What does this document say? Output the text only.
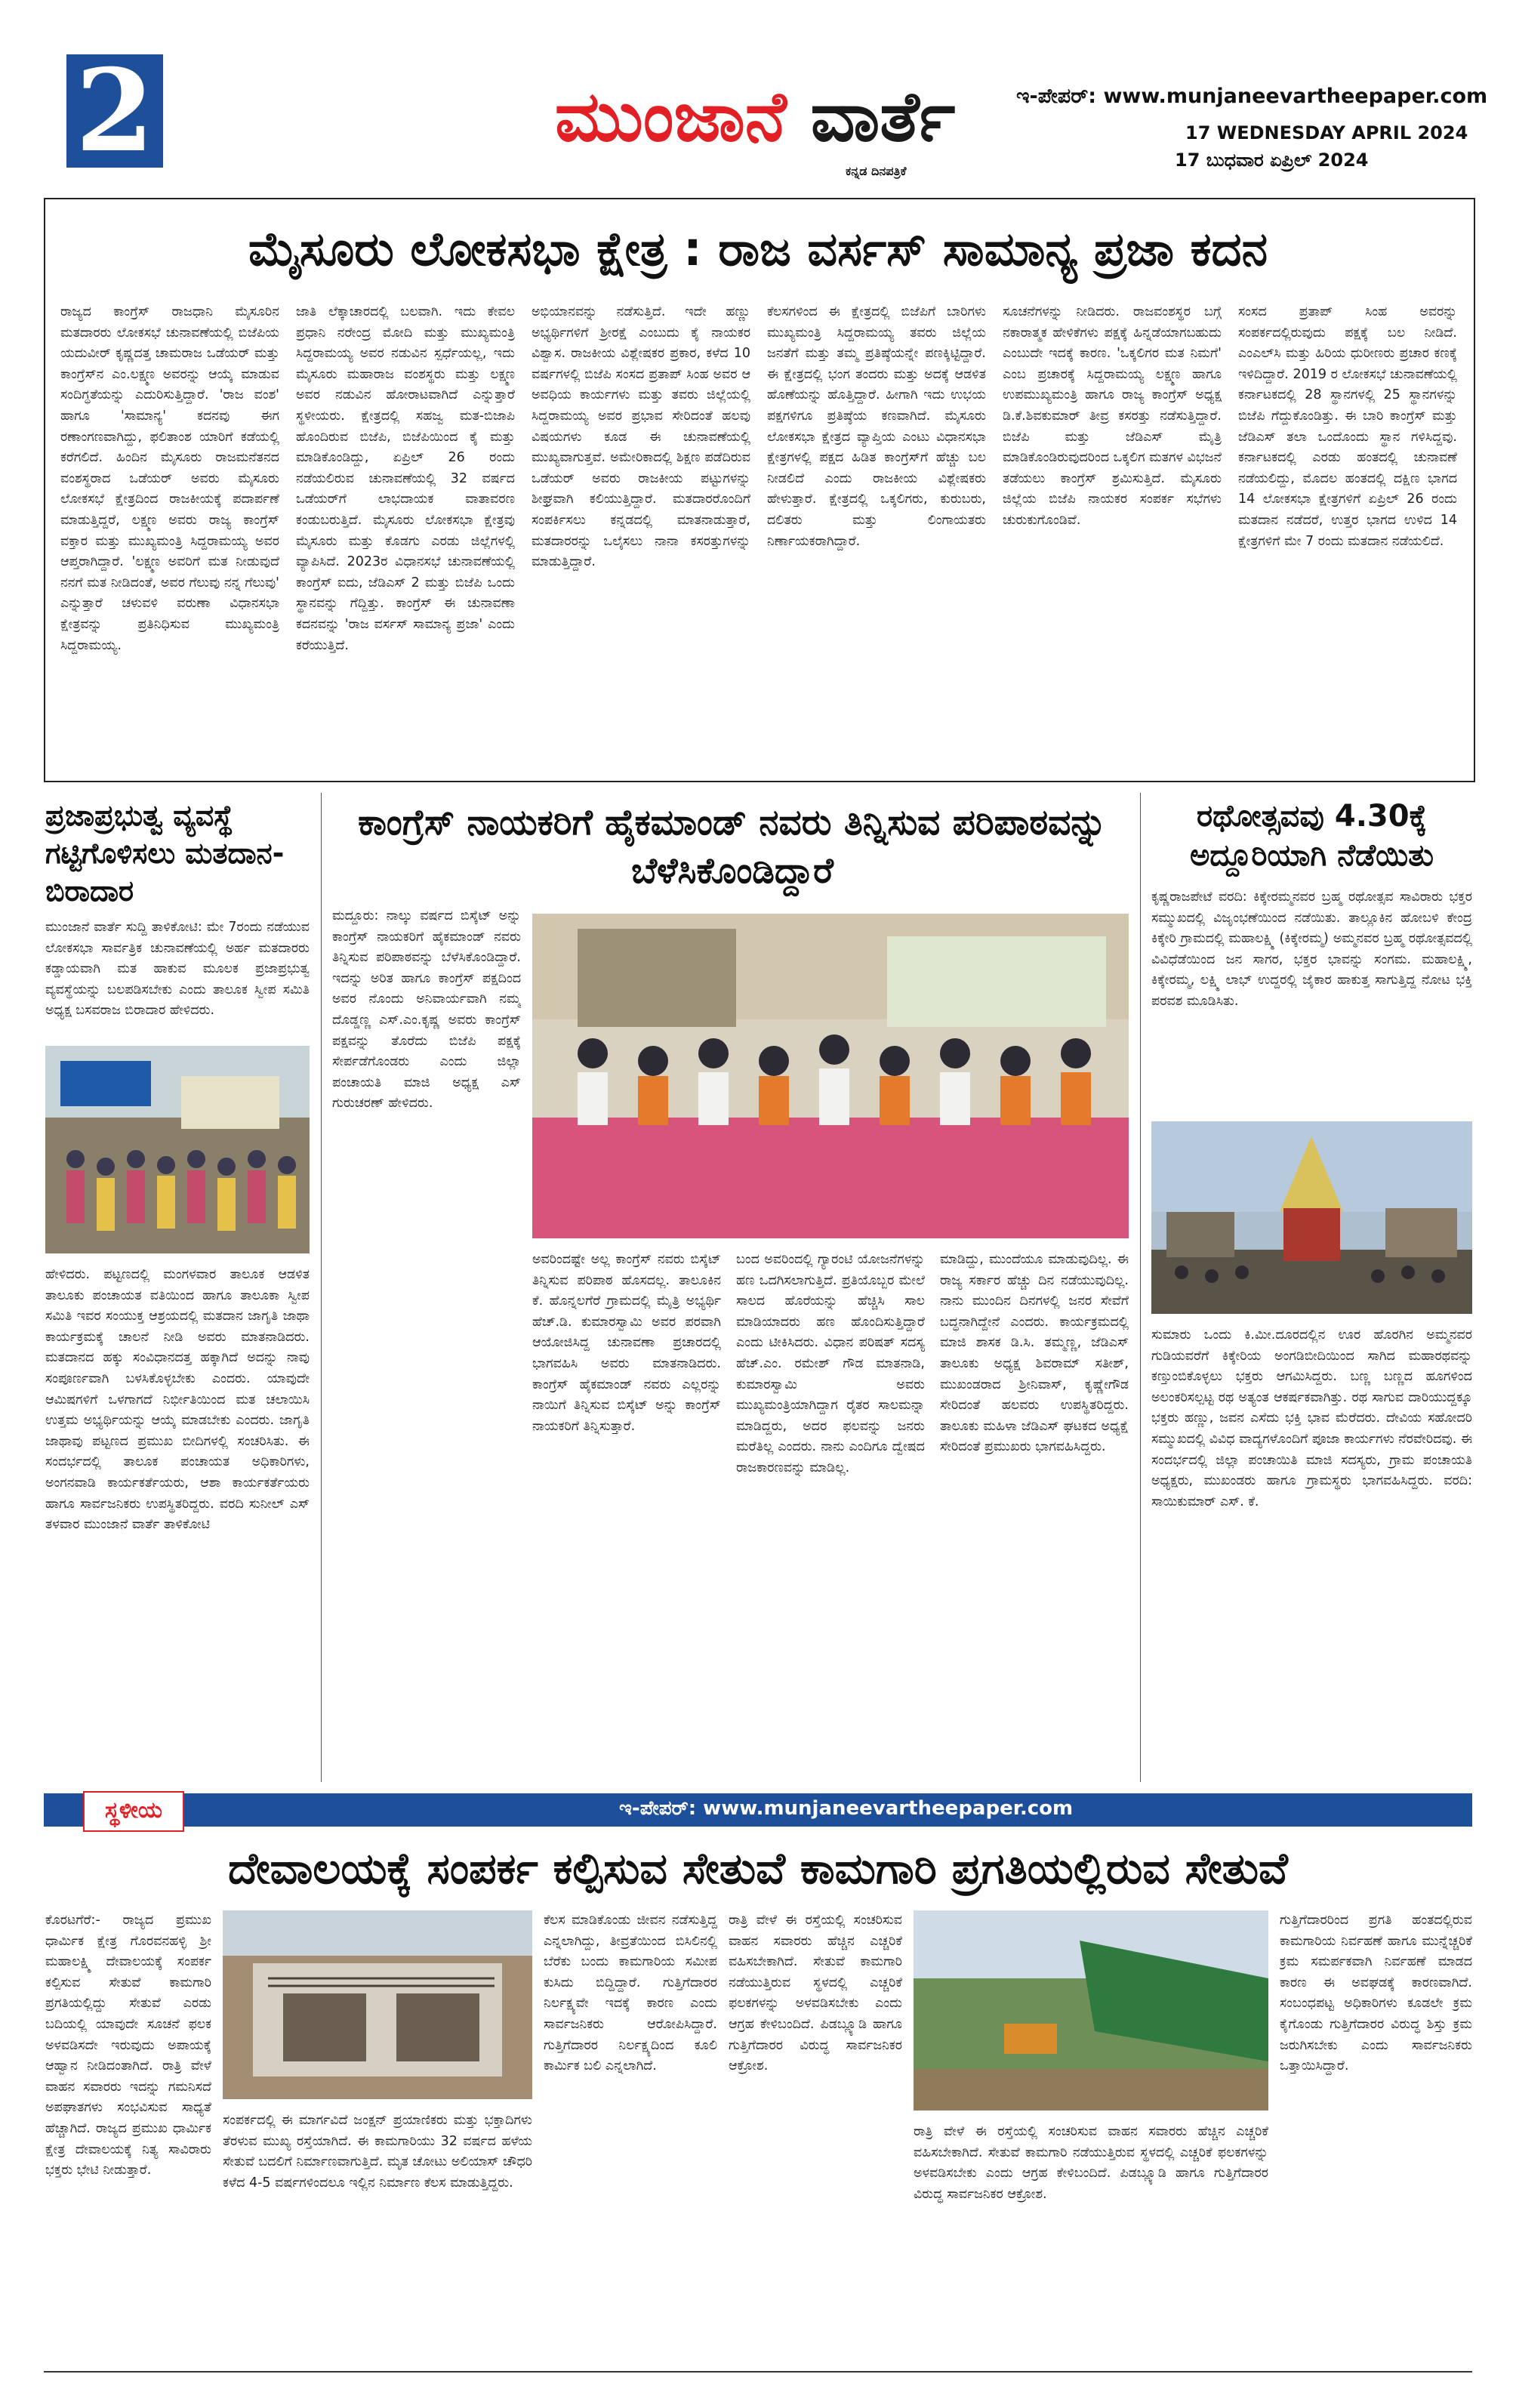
2	ಮುಂಜಾನೆ ವಾರ್ತೆ
ಕನ್ನಡ ದಿನಪತ್ರಿಕೆ
ಇ-ಪೇಪರ್: www.munjaneevartheepaper.com
17 WEDNESDAY APRIL 2024
17 ಬುಧವಾರ ಏಪ್ರಿಲ್ 2024
ಮೈಸೂರು ಲೋಕಸಭಾ ಕ್ಷೇತ್ರ : ರಾಜ ವರ್ಸಸ್ ಸಾಮಾನ್ಯ ಪ್ರಜಾ ಕದನ
ರಾಜ್ಯದ ಕಾಂಗ್ರೆಸ್ ರಾಜಧಾನಿ ಮೈಸೂರಿನ ಮತದಾರರು ಲೋಕಸಭೆ ಚುನಾವಣೆಯಲ್ಲಿ ಬಿಜೆಪಿಯ ಯದುವೀರ್ ಕೃಷ್ಣದತ್ತ ಚಾಮರಾಜ ಒಡೆಯರ್ ಮತ್ತು ಕಾಂಗ್ರೆಸ್‌ನ ಎಂ.ಲಕ್ಷ್ಮಣ ಅವರನ್ನು ಆಯ್ಕೆ ಮಾಡುವ ಸಂದಿಗ್ಧತೆಯನ್ನು ಎದುರಿಸುತ್ತಿದ್ದಾರೆ. 'ರಾಜ ವಂಶ' ಹಾಗೂ 'ಸಾಮಾನ್ಯ' ಕದನವು ಈಗ ರಣಾಂಗಣವಾಗಿದ್ದು, ಫಲಿತಾಂಶ ಯಾರಿಗೆ ಕಡೆಯಲ್ಲಿ ಕರೆಗಲಿದೆ. ಹಿಂದಿನ ಮೈಸೂರು ರಾಜಮನೆತನದ ವಂಶಸ್ಥರಾದ ಒಡೆಯರ್ ಅವರು ಮೈಸೂರು ಲೋಕಸಭೆ ಕ್ಷೇತ್ರದಿಂದ ರಾಜಕೀಯಕ್ಕೆ ಪದಾರ್ಪಣೆ ಮಾಡುತ್ತಿದ್ದರೆ, ಲಕ್ಷ್ಮಣ ಅವರು ರಾಜ್ಯ ಕಾಂಗ್ರೆಸ್ ವಕ್ತಾರ ಮತ್ತು ಮುಖ್ಯಮಂತ್ರಿ ಸಿದ್ದರಾಮಯ್ಯ ಅವರ ಆಪ್ತರಾಗಿದ್ದಾರೆ. 'ಲಕ್ಷ್ಮಣ ಅವರಿಗೆ ಮತ ನೀಡುವುದೆ ನನಗೆ ಮತ ನೀಡಿದಂತೆ, ಅವರ ಗೆಲುವು ನನ್ನ ಗೆಲುವು' ಎನ್ನುತ್ತಾರೆ ಚಳುವಳಿ ವರುಣಾ ವಿಧಾನಸಭಾ ಕ್ಷೇತ್ರವನ್ನು ಪ್ರತಿನಿಧಿಸುವ ಮುಖ್ಯಮಂತ್ರಿ ಸಿದ್ದರಾಮಯ್ಯ.
ಜಾತಿ ಲೆಕ್ಕಾಚಾರದಲ್ಲಿ ಬಲವಾಗಿ. ಇದು ಕೇವಲ ಪ್ರಧಾನಿ ನರೇಂದ್ರ ಮೋದಿ ಮತ್ತು ಮುಖ್ಯಮಂತ್ರಿ ಸಿದ್ದರಾಮಯ್ಯ ಅವರ ನಡುವಿನ ಸ್ಪರ್ಧೆಯಲ್ಲ, ಇದು ಮೈಸೂರು ಮಹಾರಾಜ ವಂಶಸ್ಥರು ಮತ್ತು ಲಕ್ಷ್ಮಣ ಅವರ ನಡುವಿನ ಹೋರಾಟವಾಗಿದೆ ಎನ್ನುತ್ತಾರೆ ಸ್ಥಳೀಯರು. ಕ್ಷೇತ್ರದಲ್ಲಿ ಸಹಜ್ವ ಮತ-ಬಿಜಾಪಿ ಹೊಂದಿರುವ ಬಿಜೆಪಿ, ಬಿಜೆಪಿಯಿಂದ ಕೈ ಮತ್ತು ಮಾಡಿಕೊಂಡಿದ್ದು, ಏಪ್ರಿಲ್ 26 ರಂದು ನಡೆಯಲಿರುವ ಚುನಾವಣೆಯಲ್ಲಿ 32 ವರ್ಷದ ಒಡೆಯರ್‌ಗೆ ಲಾಭದಾಯಕ ವಾತಾವರಣ ಕಂಡುಬರುತ್ತಿದೆ. ಮೈಸೂರು ಲೋಕಸಭಾ ಕ್ಷೇತ್ರವು ಮೈಸೂರು ಮತ್ತು ಕೊಡಗು ಎರಡು ಜಿಲ್ಲೆಗಳಲ್ಲಿ ವ್ಯಾಪಿಸಿದೆ. 2023ರ ವಿಧಾನಸಭೆ ಚುನಾವಣೆಯಲ್ಲಿ ಕಾಂಗ್ರೆಸ್ ಐದು, ಜೆಡಿಎಸ್ 2 ಮತ್ತು ಬಿಜೆಪಿ ಒಂದು ಸ್ಥಾನವನ್ನು ಗೆದ್ದಿತ್ತು. ಕಾಂಗ್ರೆಸ್ ಈ ಚುನಾವಣಾ ಕದನವನ್ನು 'ರಾಜ ವರ್ಸಸ್ ಸಾಮಾನ್ಯ ಪ್ರಜಾ' ಎಂದು ಕರೆಯುತ್ತಿದೆ.
ಅಭಿಯಾನವನ್ನು ನಡೆಸುತ್ತಿದೆ. ಇದೇ ಹಣ್ಣು ಅಭ್ಯರ್ಥಿಗಳಿಗೆ ಶ್ರೀರಕ್ಷೆ ಎಂಬುದು ಕೈ ನಾಯಕರ ವಿಶ್ವಾಸ. ರಾಜಕೀಯ ವಿಶ್ಲೇಷಕರ ಪ್ರಕಾರ, ಕಳೆದ 10 ವರ್ಷಗಳಲ್ಲಿ ಬಿಜೆಪಿ ಸಂಸದ ಪ್ರತಾಪ್ ಸಿಂಹ ಅವರ ಆ ಅವಧಿಯ ಕಾರ್ಯಗಳು ಮತ್ತು ತವರು ಜಿಲ್ಲೆಯಲ್ಲಿ ಸಿದ್ದರಾಮಯ್ಯ ಅವರ ಪ್ರಭಾವ ಸೇರಿದಂತೆ ಹಲವು ವಿಷಯಗಳು ಕೂಡ ಈ ಚುನಾವಣೆಯಲ್ಲಿ ಮುಖ್ಯವಾಗುತ್ತವೆ. ಅಮೇರಿಕಾದಲ್ಲಿ ಶಿಕ್ಷಣ ಪಡೆದಿರುವ ಒಡೆಯರ್ ಅವರು ರಾಜಕೀಯ ಪಟ್ಟುಗಳನ್ನು ಶೀಘ್ರವಾಗಿ ಕಲಿಯುತ್ತಿದ್ದಾರೆ. ಮತದಾರರೊಂದಿಗೆ ಸಂಪರ್ಕಿಸಲು ಕನ್ನಡದಲ್ಲಿ ಮಾತನಾಡುತ್ತಾರೆ, ಮತದಾರರನ್ನು ಒಲೈಸಲು ನಾನಾ ಕಸರತ್ತುಗಳನ್ನು ಮಾಡುತ್ತಿದ್ದಾರೆ.
ಕೆಲಸಗಳಿಂದ ಈ ಕ್ಷೇತ್ರದಲ್ಲಿ ಬಿಜೆಪಿಗೆ ಬಾರಿಗಳು ಮುಖ್ಯಮಂತ್ರಿ ಸಿದ್ದರಾಮಯ್ಯ ತವರು ಜಿಲ್ಲೆಯ ಜನತೆಗೆ ಮತ್ತು ತಮ್ಮ ಪ್ರತಿಷ್ಠೆಯನ್ನೇ ಪಣಕ್ಕಿಟ್ಟಿದ್ದಾರೆ. ಈ ಕ್ಷೇತ್ರದಲ್ಲಿ ಭಂಗ ತಂದರು ಮತ್ತು ಅದಕ್ಕೆ ಆಡಳಿತ ಹೊಣೆಯನ್ನು ಹೊತ್ತಿದ್ದಾರೆ. ಹೀಗಾಗಿ ಇದು ಉಭಯ ಪಕ್ಷಗಳಿಗೂ ಪ್ರತಿಷ್ಠೆಯ ಕಣವಾಗಿದೆ. ಮೈಸೂರು ಲೋಕಸಭಾ ಕ್ಷೇತ್ರದ ವ್ಯಾಪ್ತಿಯ ಎಂಟು ವಿಧಾನಸಭಾ ಕ್ಷೇತ್ರಗಳಲ್ಲಿ ಪಕ್ಷದ ಹಿಡಿತ ಕಾಂಗ್ರೆಸ್‌ಗೆ ಹೆಚ್ಚು ಬಲ ನೀಡಲಿದೆ ಎಂದು ರಾಜಕೀಯ ವಿಶ್ಲೇಷಕರು ಹೇಳುತ್ತಾರೆ. ಕ್ಷೇತ್ರದಲ್ಲಿ ಒಕ್ಕಲಿಗರು, ಕುರುಬರು, ದಲಿತರು ಮತ್ತು ಲಿಂಗಾಯತರು ನಿರ್ಣಾಯಕರಾಗಿದ್ದಾರೆ.
ಸೂಚನೆಗಳನ್ನು ನೀಡಿದರು. ರಾಜವಂಶಸ್ಥರ ಬಗ್ಗೆ ನಕಾರಾತ್ಮಕ ಹೇಳಿಕೆಗಳು ಪಕ್ಷಕ್ಕೆ ಹಿನ್ನಡೆಯಾಗಬಹುದು ಎಂಬುದೇ ಇದಕ್ಕೆ ಕಾರಣ. 'ಒಕ್ಕಲಿಗರ ಮತ ನಿಮಗೆ' ಎಂಬ ಪ್ರಚಾರಕ್ಕೆ ಸಿದ್ದರಾಮಯ್ಯ ಲಕ್ಷ್ಮಣ ಹಾಗೂ ಉಪಮುಖ್ಯಮಂತ್ರಿ ಹಾಗೂ ರಾಜ್ಯ ಕಾಂಗ್ರೆಸ್ ಅಧ್ಯಕ್ಷ ಡಿ.ಕೆ.ಶಿವಕುಮಾರ್ ತೀವ್ರ ಕಸರತ್ತು ನಡೆಸುತ್ತಿದ್ದಾರೆ. ಬಿಜೆಪಿ ಮತ್ತು ಜೆಡಿಎಸ್ ಮೈತ್ರಿ ಮಾಡಿಕೊಂಡಿರುವುದರಿಂದ ಒಕ್ಕಲಿಗ ಮತಗಳ ವಿಭಜನೆ ತಡೆಯಲು ಕಾಂಗ್ರೆಸ್ ಶ್ರಮಿಸುತ್ತಿದೆ. ಮೈಸೂರು ಜಿಲ್ಲೆಯ ಬಿಜೆಪಿ ನಾಯಕರ ಸಂಪರ್ಕ ಸಭೆಗಳು ಚುರುಕುಗೊಂಡಿವೆ.
ಸಂಸದ ಪ್ರತಾಪ್ ಸಿಂಹ ಅವರನ್ನು ಸಂಪರ್ಕದಲ್ಲಿರುವುದು ಪಕ್ಷಕ್ಕೆ ಬಲ ನೀಡಿದೆ. ಎಂಎಲ್‌ಸಿ ಮತ್ತು ಹಿರಿಯ ಧುರೀಣರು ಪ್ರಚಾರ ಕಣಕ್ಕೆ ಇಳಿದಿದ್ದಾರೆ. 2019 ರ ಲೋಕಸಭೆ ಚುನಾವಣೆಯಲ್ಲಿ ಕರ್ನಾಟಕದಲ್ಲಿ 28 ಸ್ಥಾನಗಳಲ್ಲಿ 25 ಸ್ಥಾನಗಳನ್ನು ಬಿಜೆಪಿ ಗೆದ್ದುಕೊಂಡಿತ್ತು. ಈ ಬಾರಿ ಕಾಂಗ್ರೆಸ್ ಮತ್ತು ಜೆಡಿಎಸ್ ತಲಾ ಒಂದೊಂದು ಸ್ಥಾನ ಗಳಿಸಿದ್ದವು. ಕರ್ನಾಟಕದಲ್ಲಿ ಎರಡು ಹಂತದಲ್ಲಿ ಚುನಾವಣೆ ನಡೆಯಲಿದ್ದು, ಮೊದಲ ಹಂತದಲ್ಲಿ ದಕ್ಷಿಣ ಭಾಗದ 14 ಲೋಕಸಭಾ ಕ್ಷೇತ್ರಗಳಿಗೆ ಏಪ್ರಿಲ್ 26 ರಂದು ಮತದಾನ ನಡೆದರೆ, ಉತ್ತರ ಭಾಗದ ಉಳಿದ 14 ಕ್ಷೇತ್ರಗಳಿಗೆ ಮೇ 7 ರಂದು ಮತದಾನ ನಡೆಯಲಿದೆ.
ಪ್ರಜಾಪ್ರಭುತ್ವ ವ್ಯವಸ್ಥೆ ಗಟ್ಟಿಗೊಳಿಸಲು ಮತದಾನ-ಬಿರಾದಾರ
ಮುಂಜಾನೆ ವಾರ್ತೆ ಸುದ್ದಿ ತಾಳಿಕೋಟಿ: ಮೇ 7ರಂದು ನಡೆಯುವ ಲೋಕಸಭಾ ಸಾರ್ವತ್ರಿಕ ಚುನಾವಣೆಯಲ್ಲಿ ಅರ್ಹ ಮತದಾರರು ಕಡ್ಡಾಯವಾಗಿ ಮತ ಹಾಕುವ ಮೂಲಕ ಪ್ರಜಾಪ್ರಭುತ್ವ ವ್ಯವಸ್ಥೆಯನ್ನು ಬಲಪಡಿಸಬೇಕು ಎಂದು ತಾಲೂಕ ಸ್ವೀಪ ಸಮಿತಿ ಅಧ್ಯಕ್ಷ ಬಸವರಾಜ ಬಿರಾದಾರ ಹೇಳಿದರು.
ಹೇಳಿದರು. ಪಟ್ಟಣದಲ್ಲಿ ಮಂಗಳವಾರ ತಾಲೂಕ ಆಡಳಿತ ತಾಲೂಕು ಪಂಚಾಯತ ವತಿಯಿಂದ ಹಾಗೂ ತಾಲೂಕಾ ಸ್ವೀಪ ಸಮಿತಿ ಇವರ ಸಂಯುಕ್ತ ಆಶ್ರಯದಲ್ಲಿ ಮತದಾನ ಜಾಗೃತಿ ಜಾಥಾ ಕಾರ್ಯಕ್ರಮಕ್ಕೆ ಚಾಲನೆ ನೀಡಿ ಅವರು ಮಾತನಾಡಿದರು. ಮತದಾನದ ಹಕ್ಕು ಸಂವಿಧಾನದತ್ತ ಹಕ್ಕಾಗಿದೆ ಅದನ್ನು ನಾವು ಸಂಪೂರ್ಣವಾಗಿ ಬಳಸಿಕೊಳ್ಳಬೇಕು ಎಂದರು. ಯಾವುದೇ ಆಮಿಷಗಳಿಗೆ ಒಳಗಾಗದೆ ನಿರ್ಭೀತಿಯಿಂದ ಮತ ಚಲಾಯಿಸಿ ಉತ್ತಮ ಅಭ್ಯರ್ಥಿಯನ್ನು ಆಯ್ಕೆ ಮಾಡಬೇಕು ಎಂದರು. ಜಾಗೃತಿ ಜಾಥಾವು ಪಟ್ಟಣದ ಪ್ರಮುಖ ಬೀದಿಗಳಲ್ಲಿ ಸಂಚರಿಸಿತು. ಈ ಸಂದರ್ಭದಲ್ಲಿ ತಾಲೂಕ ಪಂಚಾಯತ ಅಧಿಕಾರಿಗಳು, ಅಂಗನವಾಡಿ ಕಾರ್ಯಕರ್ತೆಯರು, ಆಶಾ ಕಾರ್ಯಕರ್ತೆಯರು ಹಾಗೂ ಸಾರ್ವಜನಿಕರು ಉಪಸ್ಥಿತರಿದ್ದರು. ವರದಿ ಸುನೀಲ್ ಎಸ್ ತಳವಾರ ಮುಂಜಾನೆ ವಾರ್ತೆ ತಾಳಿಕೋಟಿ
ಕಾಂಗ್ರೆಸ್ ನಾಯಕರಿಗೆ ಹೈಕಮಾಂಡ್ ನವರು ತಿನ್ನಿಸುವ ಪರಿಪಾಠವನ್ನು ಬೆಳೆಸಿಕೊಂಡಿದ್ದಾರೆ
ಮದ್ದೂರು: ನಾಲ್ಕು ವರ್ಷದ ಬಿಸ್ಕೆಟ್ ಅನ್ನು ಕಾಂಗ್ರೆಸ್ ನಾಯಕರಿಗೆ ಹೈಕಮಾಂಡ್ ನವರು ತಿನ್ನಿಸುವ ಪರಿಪಾಠವನ್ನು ಬೆಳೆಸಿಕೊಂಡಿದ್ದಾರೆ. ಇದನ್ನು ಅರಿತ ಹಾಗೂ ಕಾಂಗ್ರೆಸ್ ಪಕ್ಷದಿಂದ ಅವರ ನೊಂದು ಅನಿವಾರ್ಯವಾಗಿ ನಮ್ಮ ದೊಡ್ಡಣ್ಣ ಎಸ್.ಎಂ.ಕೃಷ್ಣ ಅವರು ಕಾಂಗ್ರೆಸ್ ಪಕ್ಷವನ್ನು ತೊರೆದು ಬಿಜೆಪಿ ಪಕ್ಷಕ್ಕೆ ಸೇರ್ಪಡೆಗೊಂಡರು ಎಂದು ಜಿಲ್ಲಾ ಪಂಚಾಯತಿ ಮಾಜಿ ಅಧ್ಯಕ್ಷ ಎಸ್ ಗುರುಚರಣ್ ಹೇಳಿದರು.
ಅವರಿಂದಷ್ಟೇ ಅಲ್ಲ ಕಾಂಗ್ರೆಸ್ ನವರು ಬಿಸ್ಕೆಟ್ ತಿನ್ನಿಸುವ ಪರಿಪಾಠ ಹೊಸದಲ್ಲ. ತಾಲೂಕಿನ ಕೆ. ಹೊನ್ನಲಗೆರೆ ಗ್ರಾಮದಲ್ಲಿ ಮೈತ್ರಿ ಅಭ್ಯರ್ಥಿ ಹೆಚ್.ಡಿ. ಕುಮಾರಸ್ವಾಮಿ ಅವರ ಪರವಾಗಿ ಆಯೋಜಿಸಿದ್ದ ಚುನಾವಣಾ ಪ್ರಚಾರದಲ್ಲಿ ಭಾಗವಹಿಸಿ ಅವರು ಮಾತನಾಡಿದರು. ಕಾಂಗ್ರೆಸ್ ಹೈಕಮಾಂಡ್ ನವರು ಎಲ್ಲರನ್ನು ನಾಯಿಗೆ ತಿನ್ನಿಸುವ ಬಿಸ್ಕೆಟ್ ಅನ್ನು ಕಾಂಗ್ರೆಸ್ ನಾಯಕರಿಗೆ ತಿನ್ನಿಸುತ್ತಾರೆ.
ಬಂದ ಅವರಿಂದಲ್ಲಿ ಗ್ಯಾರಂಟಿ ಯೋಜನೆಗಳನ್ನು ಹಣ ಒದಗಿಸಲಾಗುತ್ತಿದೆ. ಪ್ರತಿಯೊಬ್ಬರ ಮೇಲೆ ಸಾಲದ ಹೊರೆಯನ್ನು ಹೆಚ್ಚಿಸಿ ಸಾಲ ಮಾಡಿಯಾದರು ಹಣ ಹೊಂದಿಸುತ್ತಿದ್ದಾರೆ ಎಂದು ಟೀಕಿಸಿದರು. ವಿಧಾನ ಪರಿಷತ್ ಸದಸ್ಯ ಹೆಚ್.ಎಂ. ರಮೇಶ್ ಗೌಡ ಮಾತನಾಡಿ, ಕುಮಾರಸ್ವಾಮಿ ಅವರು ಮುಖ್ಯಮಂತ್ರಿಯಾಗಿದ್ದಾಗ ರೈತರ ಸಾಲಮನ್ನಾ ಮಾಡಿದ್ದರು, ಅದರ ಫಲವನ್ನು ಜನರು ಮರೆತಿಲ್ಲ ಎಂದರು. ನಾನು ಎಂದಿಗೂ ದ್ವೇಷದ ರಾಜಕಾರಣವನ್ನು ಮಾಡಿಲ್ಲ.
ಮಾಡಿದ್ದು, ಮುಂದೆಯೂ ಮಾಡುವುದಿಲ್ಲ. ಈ ರಾಜ್ಯ ಸರ್ಕಾರ ಹೆಚ್ಚು ದಿನ ನಡೆಯುವುದಿಲ್ಲ. ನಾನು ಮುಂದಿನ ದಿನಗಳಲ್ಲಿ ಜನರ ಸೇವೆಗೆ ಬದ್ಧನಾಗಿದ್ದೇನೆ ಎಂದರು. ಕಾರ್ಯಕ್ರಮದಲ್ಲಿ ಮಾಜಿ ಶಾಸಕ ಡಿ.ಸಿ. ತಮ್ಮಣ್ಣ, ಜೆಡಿಎಸ್ ತಾಲೂಕು ಅಧ್ಯಕ್ಷ ಶಿವರಾಮ್ ಸತೀಶ್, ಮುಖಂಡರಾದ ಶ್ರೀನಿವಾಸ್, ಕೃಷ್ಣೇಗೌಡ ಸೇರಿದಂತೆ ಹಲವರು ಉಪಸ್ಥಿತರಿದ್ದರು. ತಾಲೂಕು ಮಹಿಳಾ ಜೆಡಿಎಸ್ ಘಟಕದ ಅಧ್ಯಕ್ಷೆ ಸೇರಿದಂತೆ ಪ್ರಮುಖರು ಭಾಗವಹಿಸಿದ್ದರು.
ರಥೋತ್ಸವವು 4.30ಕ್ಕೆ ಅದ್ದೂರಿಯಾಗಿ ನೆಡೆಯಿತು
ಕೃಷ್ಣರಾಜಪೇಟೆ ವರದಿ: ಕಿಕ್ಕೇರಮ್ಮನವರ ಬ್ರಹ್ಮ ರಥೋತ್ಸವ ಸಾವಿರಾರು ಭಕ್ತರ ಸಮ್ಮುಖದಲ್ಲಿ ವಿಜೃಂಭಣೆಯಿಂದ ನಡೆಯಿತು. ತಾಲ್ಲೂಕಿನ ಹೋಬಳಿ ಕೇಂದ್ರ ಕಿಕ್ಕೇರಿ ಗ್ರಾಮದಲ್ಲಿ ಮಹಾಲಕ್ಷ್ಮಿ (ಕಿಕ್ಕೇರಮ್ಮ) ಅಮ್ಮನವರ ಬ್ರಹ್ಮ ರಥೋತ್ಸವದಲ್ಲಿ ವಿವಿಧೆಡೆಯಿಂದ ಜನ ಸಾಗರ, ಭಕ್ತರ ಭಾವನ್ನು ಸಂಗಮ. ಮಹಾಲಕ್ಷ್ಮಿ, ಕಿಕ್ಕೇರಮ್ಮ, ಲಕ್ಷ್ಮಿ ಲಾಭ್ ಉದ್ದರಲ್ಲಿ ಜೈಕಾರ ಹಾಕುತ್ತ ಸಾಗುತ್ತಿದ್ದ ನೋಟ ಭಕ್ತಿ ಪರವಶ ಮೂಡಿಸಿತು.
ಸುಮಾರು ಒಂದು ಕಿ.ಮೀ.ದೂರದಲ್ಲಿನ ಊರ ಹೊರಗಿನ ಅಮ್ಮನವರ ಗುಡಿಯವರೆಗೆ ಕಿಕ್ಕೇರಿಯ ಅಂಗಡಿಬೀದಿಯಿಂದ ಸಾಗಿದ ಮಹಾರಥವನ್ನು ಕಣ್ತುಂಬಿಕೊಳ್ಳಲು ಭಕ್ತರು ಆಗಮಿಸಿದ್ದರು. ಬಣ್ಣ ಬಣ್ಣದ ಹೂಗಳಿಂದ ಅಲಂಕರಿಸಲ್ಪಟ್ಟ ರಥ ಅತ್ಯಂತ ಆಕರ್ಷಕವಾಗಿತ್ತು. ರಥ ಸಾಗುವ ದಾರಿಯುದ್ದಕ್ಕೂ ಭಕ್ತರು ಹಣ್ಣು, ಜವನ ಎಸೆದು ಭಕ್ತಿ ಭಾವ ಮೆರೆದರು. ದೇವಿಯ ಸಹೋದರಿ ಸಮ್ಮುಖದಲ್ಲಿ ವಿವಿಧ ವಾದ್ಯಗಳೊಂದಿಗೆ ಪೂಜಾ ಕಾರ್ಯಗಳು ನೆರವೇರಿದವು. ಈ ಸಂದರ್ಭದಲ್ಲಿ ಜಿಲ್ಲಾ ಪಂಚಾಯಿತಿ ಮಾಜಿ ಸದಸ್ಯರು, ಗ್ರಾಮ ಪಂಚಾಯತಿ ಅಧ್ಯಕ್ಷರು, ಮುಖಂಡರು ಹಾಗೂ ಗ್ರಾಮಸ್ಥರು ಭಾಗವಹಿಸಿದ್ದರು. ವರದಿ: ಸಾಯಿಕುಮಾರ್ ಎಸ್. ಕೆ.
ಸ್ಥಳೀಯ	ಇ-ಪೇಪರ್: www.munjaneevartheepaper.com
ದೇವಾಲಯಕ್ಕೆ ಸಂಪರ್ಕ ಕಲ್ಪಿಸುವ ಸೇತುವೆ ಕಾಮಗಾರಿ ಪ್ರಗತಿಯಲ್ಲಿರುವ ಸೇತುವೆ
ಕೊರಟಗೆರೆ:- ರಾಜ್ಯದ ಪ್ರಮುಖ ಧಾರ್ಮಿಕ ಕ್ಷೇತ್ರ ಗೊರವನಹಳ್ಳಿ ಶ್ರೀ ಮಹಾಲಕ್ಷ್ಮಿ ದೇವಾಲಯಕ್ಕೆ ಸಂಪರ್ಕ ಕಲ್ಪಿಸುವ ಸೇತುವೆ ಕಾಮಗಾರಿ ಪ್ರಗತಿಯಲ್ಲಿದ್ದು ಸೇತುವೆ ಎರಡು ಬದಿಯಲ್ಲಿ ಯಾವುದೇ ಸೂಚನೆ ಫಲಕ ಅಳವಡಿಸದೇ ಇರುವುದು ಅಪಾಯಕ್ಕೆ ಆಹ್ವಾನ ನೀಡಿದಂತಾಗಿದೆ. ರಾತ್ರಿ ವೇಳೆ ವಾಹನ ಸವಾರರು ಇದನ್ನು ಗಮನಿಸದೆ ಅಪಘಾತಗಳು ಸಂಭವಿಸುವ ಸಾಧ್ಯತೆ ಹೆಚ್ಚಾಗಿದೆ. ರಾಜ್ಯದ ಪ್ರಮುಖ ಧಾರ್ಮಿಕ ಕ್ಷೇತ್ರ ದೇವಾಲಯಕ್ಕೆ ನಿತ್ಯ ಸಾವಿರಾರು ಭಕ್ತರು ಭೇಟಿ ನೀಡುತ್ತಾರೆ.
ಸಂಪರ್ಕದಲ್ಲಿ ಈ ಮಾರ್ಗವಿದೆ ಜಂಕ್ಷನ್ ಪ್ರಯಾಣಿಕರು ಮತ್ತು ಭಕ್ತಾದಿಗಳು ತೆರಳುವ ಮುಖ್ಯ ರಸ್ತೆಯಾಗಿದೆ. ಈ ಕಾಮಗಾರಿಯು 32 ವರ್ಷದ ಹಳೆಯ ಸೇತುವೆ ಬದಲಿಗೆ ನಿರ್ಮಾಣವಾಗುತ್ತಿದೆ. ಮೃತ ಚೋಟು ಅಲಿಯಾಸ್ ಚೌಧರಿ ಕಳೆದ 4-5 ವರ್ಷಗಳಿಂದಲೂ ಇಲ್ಲಿನ ನಿರ್ಮಾಣ ಕೆಲಸ ಮಾಡುತ್ತಿದ್ದರು.
ಕೆಲಸ ಮಾಡಿಕೊಂಡು ಜೀವನ ನಡೆಸುತ್ತಿದ್ದ ಎನ್ನಲಾಗಿದ್ದು, ತೀವ್ರತೆಯಿಂದ ಬಿಸಿಲಿನಲ್ಲಿ ಬೆರೆಕು ಬಂದು ಕಾಮಗಾರಿಯ ಸಮೀಪ ಕುಸಿದು ಬಿದ್ದಿದ್ದಾರೆ. ಗುತ್ತಿಗೆದಾರರ ನಿರ್ಲಕ್ಷ್ಯವೇ ಇದಕ್ಕೆ ಕಾರಣ ಎಂದು ಸಾರ್ವಜನಿಕರು ಆರೋಪಿಸಿದ್ದಾರೆ. ಗುತ್ತಿಗೆದಾರರ ನಿರ್ಲಕ್ಷ್ಯದಿಂದ ಕೂಲಿ ಕಾರ್ಮಿಕ ಬಲಿ ಎನ್ನಲಾಗಿದೆ.
ರಾತ್ರಿ ವೇಳೆ ಈ ರಸ್ತೆಯಲ್ಲಿ ಸಂಚರಿಸುವ ವಾಹನ ಸವಾರರು ಹೆಚ್ಚಿನ ಎಚ್ಚರಿಕೆ ವಹಿಸಬೇಕಾಗಿದೆ. ಸೇತುವೆ ಕಾಮಗಾರಿ ನಡೆಯುತ್ತಿರುವ ಸ್ಥಳದಲ್ಲಿ ಎಚ್ಚರಿಕೆ ಫಲಕಗಳನ್ನು ಅಳವಡಿಸಬೇಕು ಎಂದು ಆಗ್ರಹ ಕೇಳಿಬಂದಿದೆ. ಪಿಡಬ್ಲ್ಯೂಡಿ ಹಾಗೂ ಗುತ್ತಿಗೆದಾರರ ವಿರುದ್ಧ ಸಾರ್ವಜನಿಕರ ಆಕ್ರೋಶ.
ರಾತ್ರಿ ವೇಳೆ ಈ ರಸ್ತೆಯಲ್ಲಿ ಸಂಚರಿಸುವ ವಾಹನ ಸವಾರರು ಹೆಚ್ಚಿನ ಎಚ್ಚರಿಕೆ ವಹಿಸಬೇಕಾಗಿದೆ. ಸೇತುವೆ ಕಾಮಗಾರಿ ನಡೆಯುತ್ತಿರುವ ಸ್ಥಳದಲ್ಲಿ ಎಚ್ಚರಿಕೆ ಫಲಕಗಳನ್ನು ಅಳವಡಿಸಬೇಕು ಎಂದು ಆಗ್ರಹ ಕೇಳಿಬಂದಿದೆ. ಪಿಡಬ್ಲ್ಯೂಡಿ ಹಾಗೂ ಗುತ್ತಿಗೆದಾರರ ವಿರುದ್ಧ ಸಾರ್ವಜನಿಕರ ಆಕ್ರೋಶ.
ಗುತ್ತಿಗೆದಾರರಿಂದ ಪ್ರಗತಿ ಹಂತದಲ್ಲಿರುವ ಕಾಮಗಾರಿಯ ನಿರ್ವಹಣೆ ಹಾಗೂ ಮುನ್ನೆಚ್ಚರಿಕೆ ಕ್ರಮ ಸಮರ್ಪಕವಾಗಿ ನಿರ್ವಹಣೆ ಮಾಡದ ಕಾರಣ ಈ ಅವಘಡಕ್ಕೆ ಕಾರಣವಾಗಿದೆ. ಸಂಬಂಧಪಟ್ಟ ಅಧಿಕಾರಿಗಳು ಕೂಡಲೇ ಕ್ರಮ ಕೈಗೊಂಡು ಗುತ್ತಿಗೆದಾರರ ವಿರುದ್ಧ ಶಿಸ್ತು ಕ್ರಮ ಜರುಗಿಸಬೇಕು ಎಂದು ಸಾರ್ವಜನಿಕರು ಒತ್ತಾಯಿಸಿದ್ದಾರೆ.
